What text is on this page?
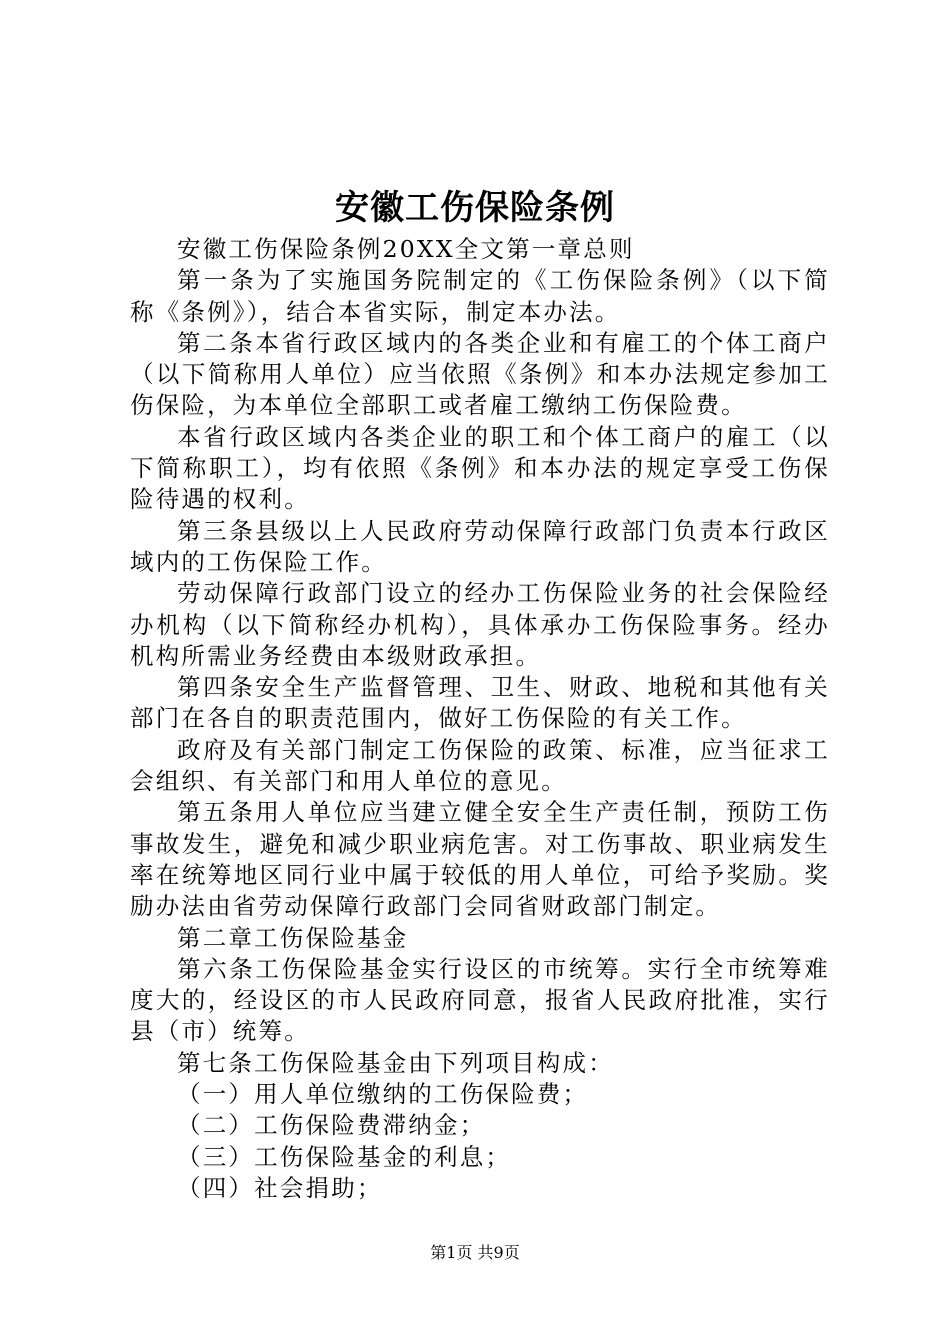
安徽工伤保险条例

安徽工伤保险条例20XX全文第一章总则

第一条为了实施国务院制定的《工伤保险条例》（以下简称《条例》），结合本省实际，制定本办法。

第二条本省行政区域内的各类企业和有雇工的个体工商户（以下简称用人单位）应当依照《条例》和本办法规定参加工伤保险，为本单位全部职工或者雇工缴纳工伤保险费。

本省行政区域内各类企业的职工和个体工商户的雇工（以下简称职工），均有依照《条例》和本办法的规定享受工伤保险待遇的权利。

第三条县级以上人民政府劳动保障行政部门负责本行政区域内的工伤保险工作。

劳动保障行政部门设立的经办工伤保险业务的社会保险经办机构（以下简称经办机构），具体承办工伤保险事务。经办机构所需业务经费由本级财政承担。

第四条安全生产监督管理、卫生、财政、地税和其他有关部门在各自的职责范围内，做好工伤保险的有关工作。

政府及有关部门制定工伤保险的政策、标准，应当征求工会组织、有关部门和用人单位的意见。

第五条用人单位应当建立健全安全生产责任制，预防工伤事故发生，避免和减少职业病危害。对工伤事故、职业病发生率在统筹地区同行业中属于较低的用人单位，可给予奖励。奖励办法由省劳动保障行政部门会同省财政部门制定。

第二章工伤保险基金

第六条工伤保险基金实行设区的市统筹。实行全市统筹难度大的，经设区的市人民政府同意，报省人民政府批准，实行县（市）统筹。

第七条工伤保险基金由下列项目构成：

（一）用人单位缴纳的工伤保险费；

（二）工伤保险费滞纳金；

（三）工伤保险基金的利息；

（四）社会捐助；

第1页 共9页
